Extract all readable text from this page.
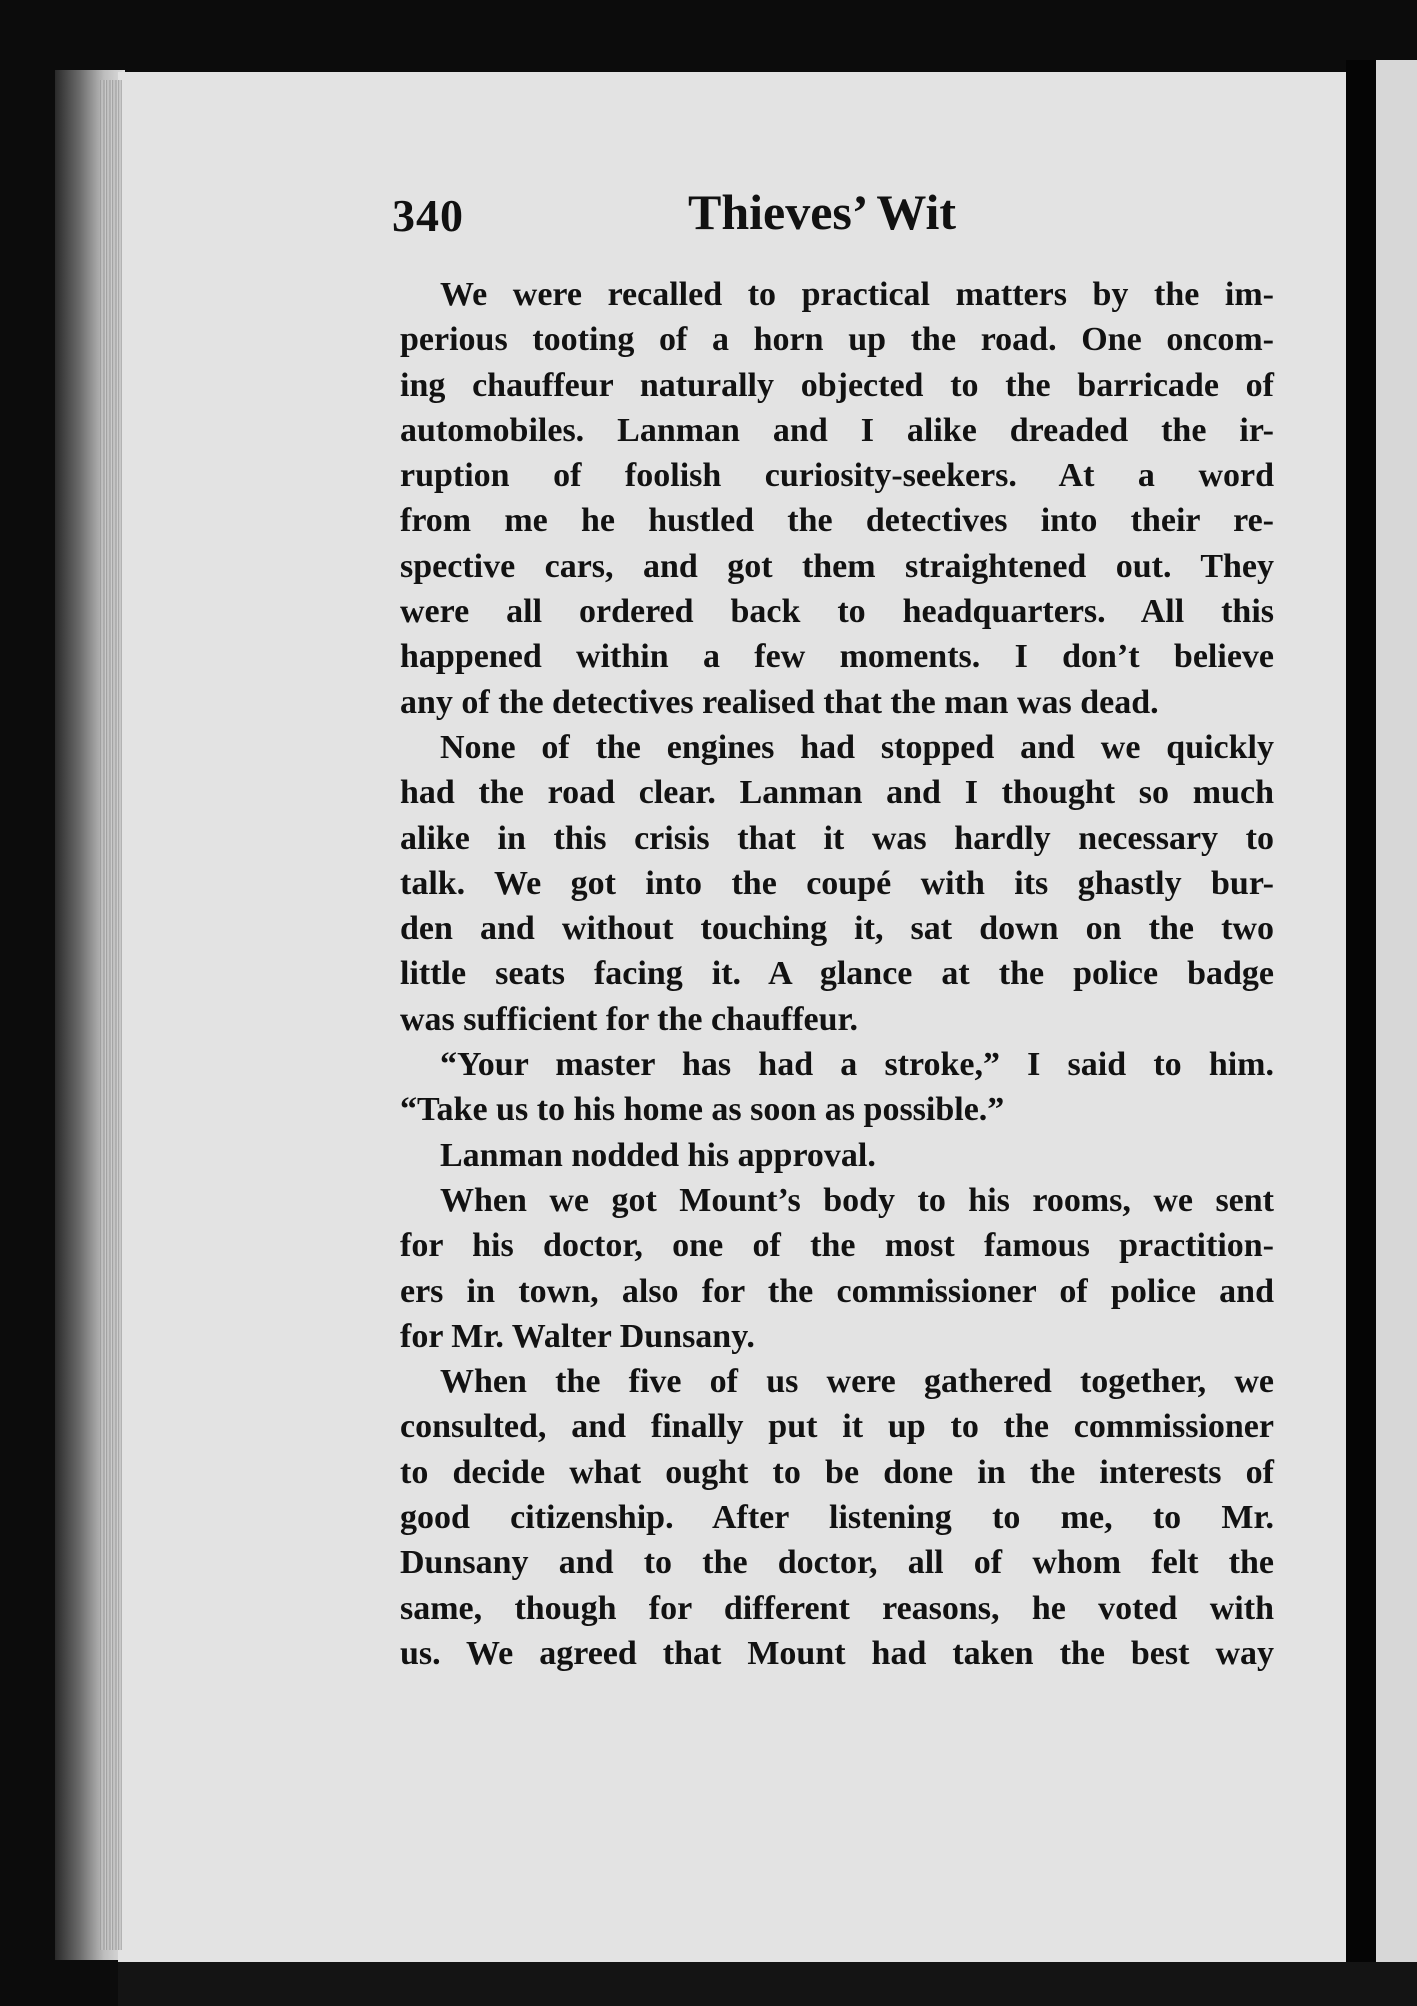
340	Thieves’ Wit
We were recalled to practical matters by the im-
perious tooting of a horn up the road. One oncom-
ing chauffeur naturally objected to the barricade of
automobiles. Lanman and I alike dreaded the ir-
ruption of foolish curiosity-seekers. At a word
from me he hustled the detectives into their re-
spective cars, and got them straightened out. They
were all ordered back to headquarters. All this
happened within a few moments. I don’t believe
any of the detectives realised that the man was dead.
None of the engines had stopped and we quickly
had the road clear. Lanman and I thought so much
alike in this crisis that it was hardly necessary to
talk. We got into the coupé with its ghastly bur-
den and without touching it, sat down on the two
little seats facing it. A glance at the police badge
was sufficient for the chauffeur.
“Your master has had a stroke,” I said to him.
“Take us to his home as soon as possible.”
Lanman nodded his approval.
When we got Mount’s body to his rooms, we sent
for his doctor, one of the most famous practition-
ers in town, also for the commissioner of police and
for Mr. Walter Dunsany.
When the five of us were gathered together, we
consulted, and finally put it up to the commissioner
to decide what ought to be done in the interests of
good citizenship. After listening to me, to Mr.
Dunsany and to the doctor, all of whom felt the
same, though for different reasons, he voted with
us. We agreed that Mount had taken the best way
